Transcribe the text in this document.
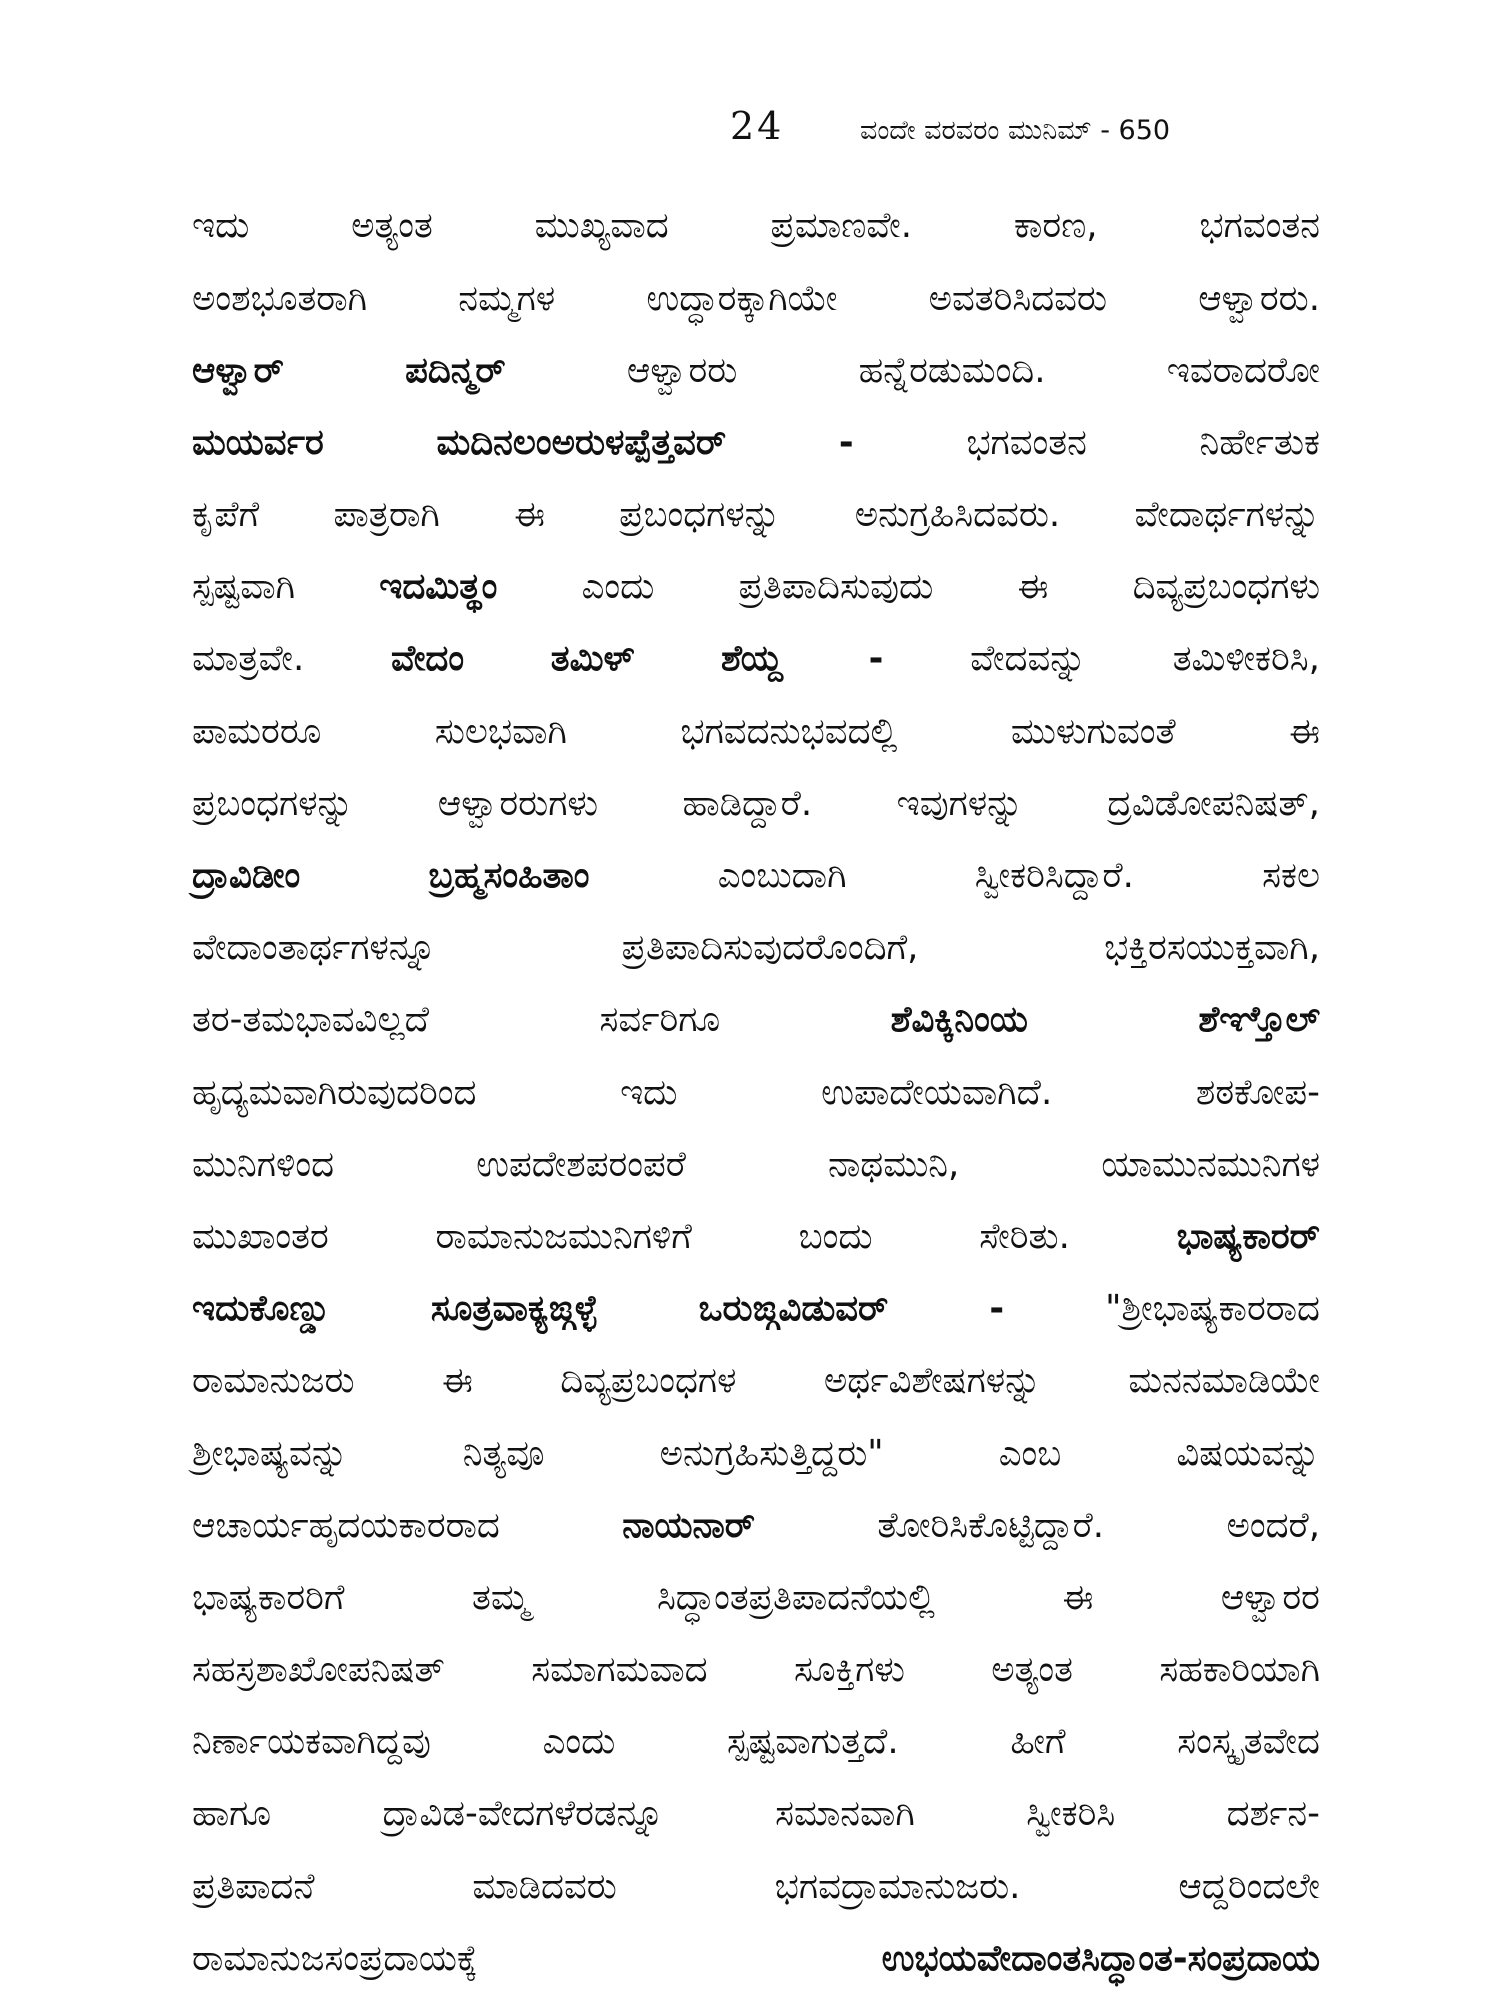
24	ವಂದೇ ವರವರಂ ಮುನಿಮ್ - 650
ಇದು	ಅತ್ಯಂತ	ಮುಖ್ಯವಾದ	ಪ್ರಮಾಣವೇ.	ಕಾರಣ,	ಭಗವಂತನ
ಅಂಶಭೂತರಾಗಿ	ನಮ್ಮಗಳ	ಉದ್ಧಾರಕ್ಕಾಗಿಯೇ	ಅವತರಿಸಿದವರು	ಆಳ್ವಾರರು.
ಆಳ್ವಾರ್	ಪದಿನ್ಮರ್	ಆಳ್ವಾರರು	ಹನ್ನೆರಡುಮಂದಿ.	ಇವರಾದರೋ
ಮಯರ್ವರ	ಮದಿನಲಂಅರುಳಪ್ಪೆತ್ತವರ್	-	ಭಗವಂತನ	ನಿರ್ಹೇತುಕ
ಕೃಪೆಗೆ ಪಾತ್ರರಾಗಿ ಈ ಪ್ರಬಂಧಗಳನ್ನು ಅನುಗ್ರಹಿಸಿದವರು. ವೇದಾರ್ಥಗಳನ್ನು
ಸ್ಪಷ್ಟವಾಗಿ ಇದಮಿತ್ಥಂ ಎಂದು ಪ್ರತಿಪಾದಿಸುವುದು ಈ ದಿವ್ಯಪ್ರಬಂಧಗಳು
ಮಾತ್ರವೇ. ವೇದಂ ತಮಿಳ್ ಶೆಯ್ದ - ವೇದವನ್ನು ತಮಿಳೀಕರಿಸಿ,
ಪಾಮರರೂ	ಸುಲಭವಾಗಿ	ಭಗವದನುಭವದಲ್ಲಿ	ಮುಳುಗುವಂತೆ	ಈ
ಪ್ರಬಂಧಗಳನ್ನು ಆಳ್ವಾರರುಗಳು ಹಾಡಿದ್ದಾರೆ. ಇವುಗಳನ್ನು ದ್ರವಿಡೋಪನಿಷತ್,
ದ್ರಾವಿಡೀಂ	ಬ್ರಹ್ಮಸಂಹಿತಾಂ	ಎಂಬುದಾಗಿ	ಸ್ವೀಕರಿಸಿದ್ದಾರೆ.	ಸಕಲ
ವೇದಾಂತಾರ್ಥಗಳನ್ನೂ	ಪ್ರತಿಪಾದಿಸುವುದರೊಂದಿಗೆ,	ಭಕ್ತಿರಸಯುಕ್ತವಾಗಿ,
ತರ-ತಮಭಾವವಿಲ್ಲದೆ	ಸರ್ವರಿಗೂ	ಶೆವಿಕ್ಕಿನಿಂಯ	ಶೆಞ್ತೊಲ್
ಹೃದ್ಯಮವಾಗಿರುವುದರಿಂದ	ಇದು	ಉಪಾದೇಯವಾಗಿದೆ.	ಶಠಕೋಪ-
ಮುನಿಗಳಿಂದ	ಉಪದೇಶಪರಂಪರೆ	ನಾಥಮುನಿ,	ಯಾಮುನಮುನಿಗಳ
ಮುಖಾಂತರ	ರಾಮಾನುಜಮುನಿಗಳಿಗೆ	ಬಂದು	ಸೇರಿತು.	ಭಾಷ್ಯಕಾರರ್
ಇದುಕೊಣ್ಡು	ಸೂತ್ರವಾಕ್ಯಙ್ಗಳ್ಳೆ	ಒರುಙ್ಗವಿಡುವರ್	-	"ಶ್ರೀಭಾಷ್ಯಕಾರರಾದ
ರಾಮಾನುಜರು ಈ ದಿವ್ಯಪ್ರಬಂಧಗಳ ಅರ್ಥವಿಶೇಷಗಳನ್ನು ಮನನಮಾಡಿಯೇ
ಶ್ರೀಭಾಷ್ಯವನ್ನು	ನಿತ್ಯವೂ	ಅನುಗ್ರಹಿಸುತ್ತಿದ್ದರು"	ಎಂಬ	ವಿಷಯವನ್ನು
ಆಚಾರ್ಯಹೃದಯಕಾರರಾದ	ನಾಯನಾರ್	ತೋರಿಸಿಕೊಟ್ಟಿದ್ದಾರೆ.	ಅಂದರೆ,
ಭಾಷ್ಯಕಾರರಿಗೆ	ತಮ್ಮ	ಸಿದ್ಧಾಂತಪ್ರತಿಪಾದನೆಯಲ್ಲಿ	ಈ	ಆಳ್ವಾರರ
ಸಹಸ್ರಶಾಖೋಪನಿಷತ್ ಸಮಾಗಮವಾದ ಸೂಕ್ತಿಗಳು ಅತ್ಯಂತ ಸಹಕಾರಿಯಾಗಿ
ನಿರ್ಣಾಯಕವಾಗಿದ್ದವು	ಎಂದು	ಸ್ಪಷ್ಟವಾಗುತ್ತದೆ.	ಹೀಗೆ	ಸಂಸ್ಕೃತವೇದ
ಹಾಗೂ	ದ್ರಾವಿಡ-ವೇದಗಳೆರಡನ್ನೂ	ಸಮಾನವಾಗಿ	ಸ್ವೀಕರಿಸಿ	ದರ್ಶನ-
ಪ್ರತಿಪಾದನೆ	ಮಾಡಿದವರು	ಭಗವದ್ರಾಮಾನುಜರು.	ಆದ್ದರಿಂದಲೇ
ರಾಮಾನುಜಸಂಪ್ರದಾಯಕ್ಕೆ	ಉಭಯವೇದಾಂತಸಿದ್ಧಾಂತ-ಸಂಪ್ರದಾಯ
